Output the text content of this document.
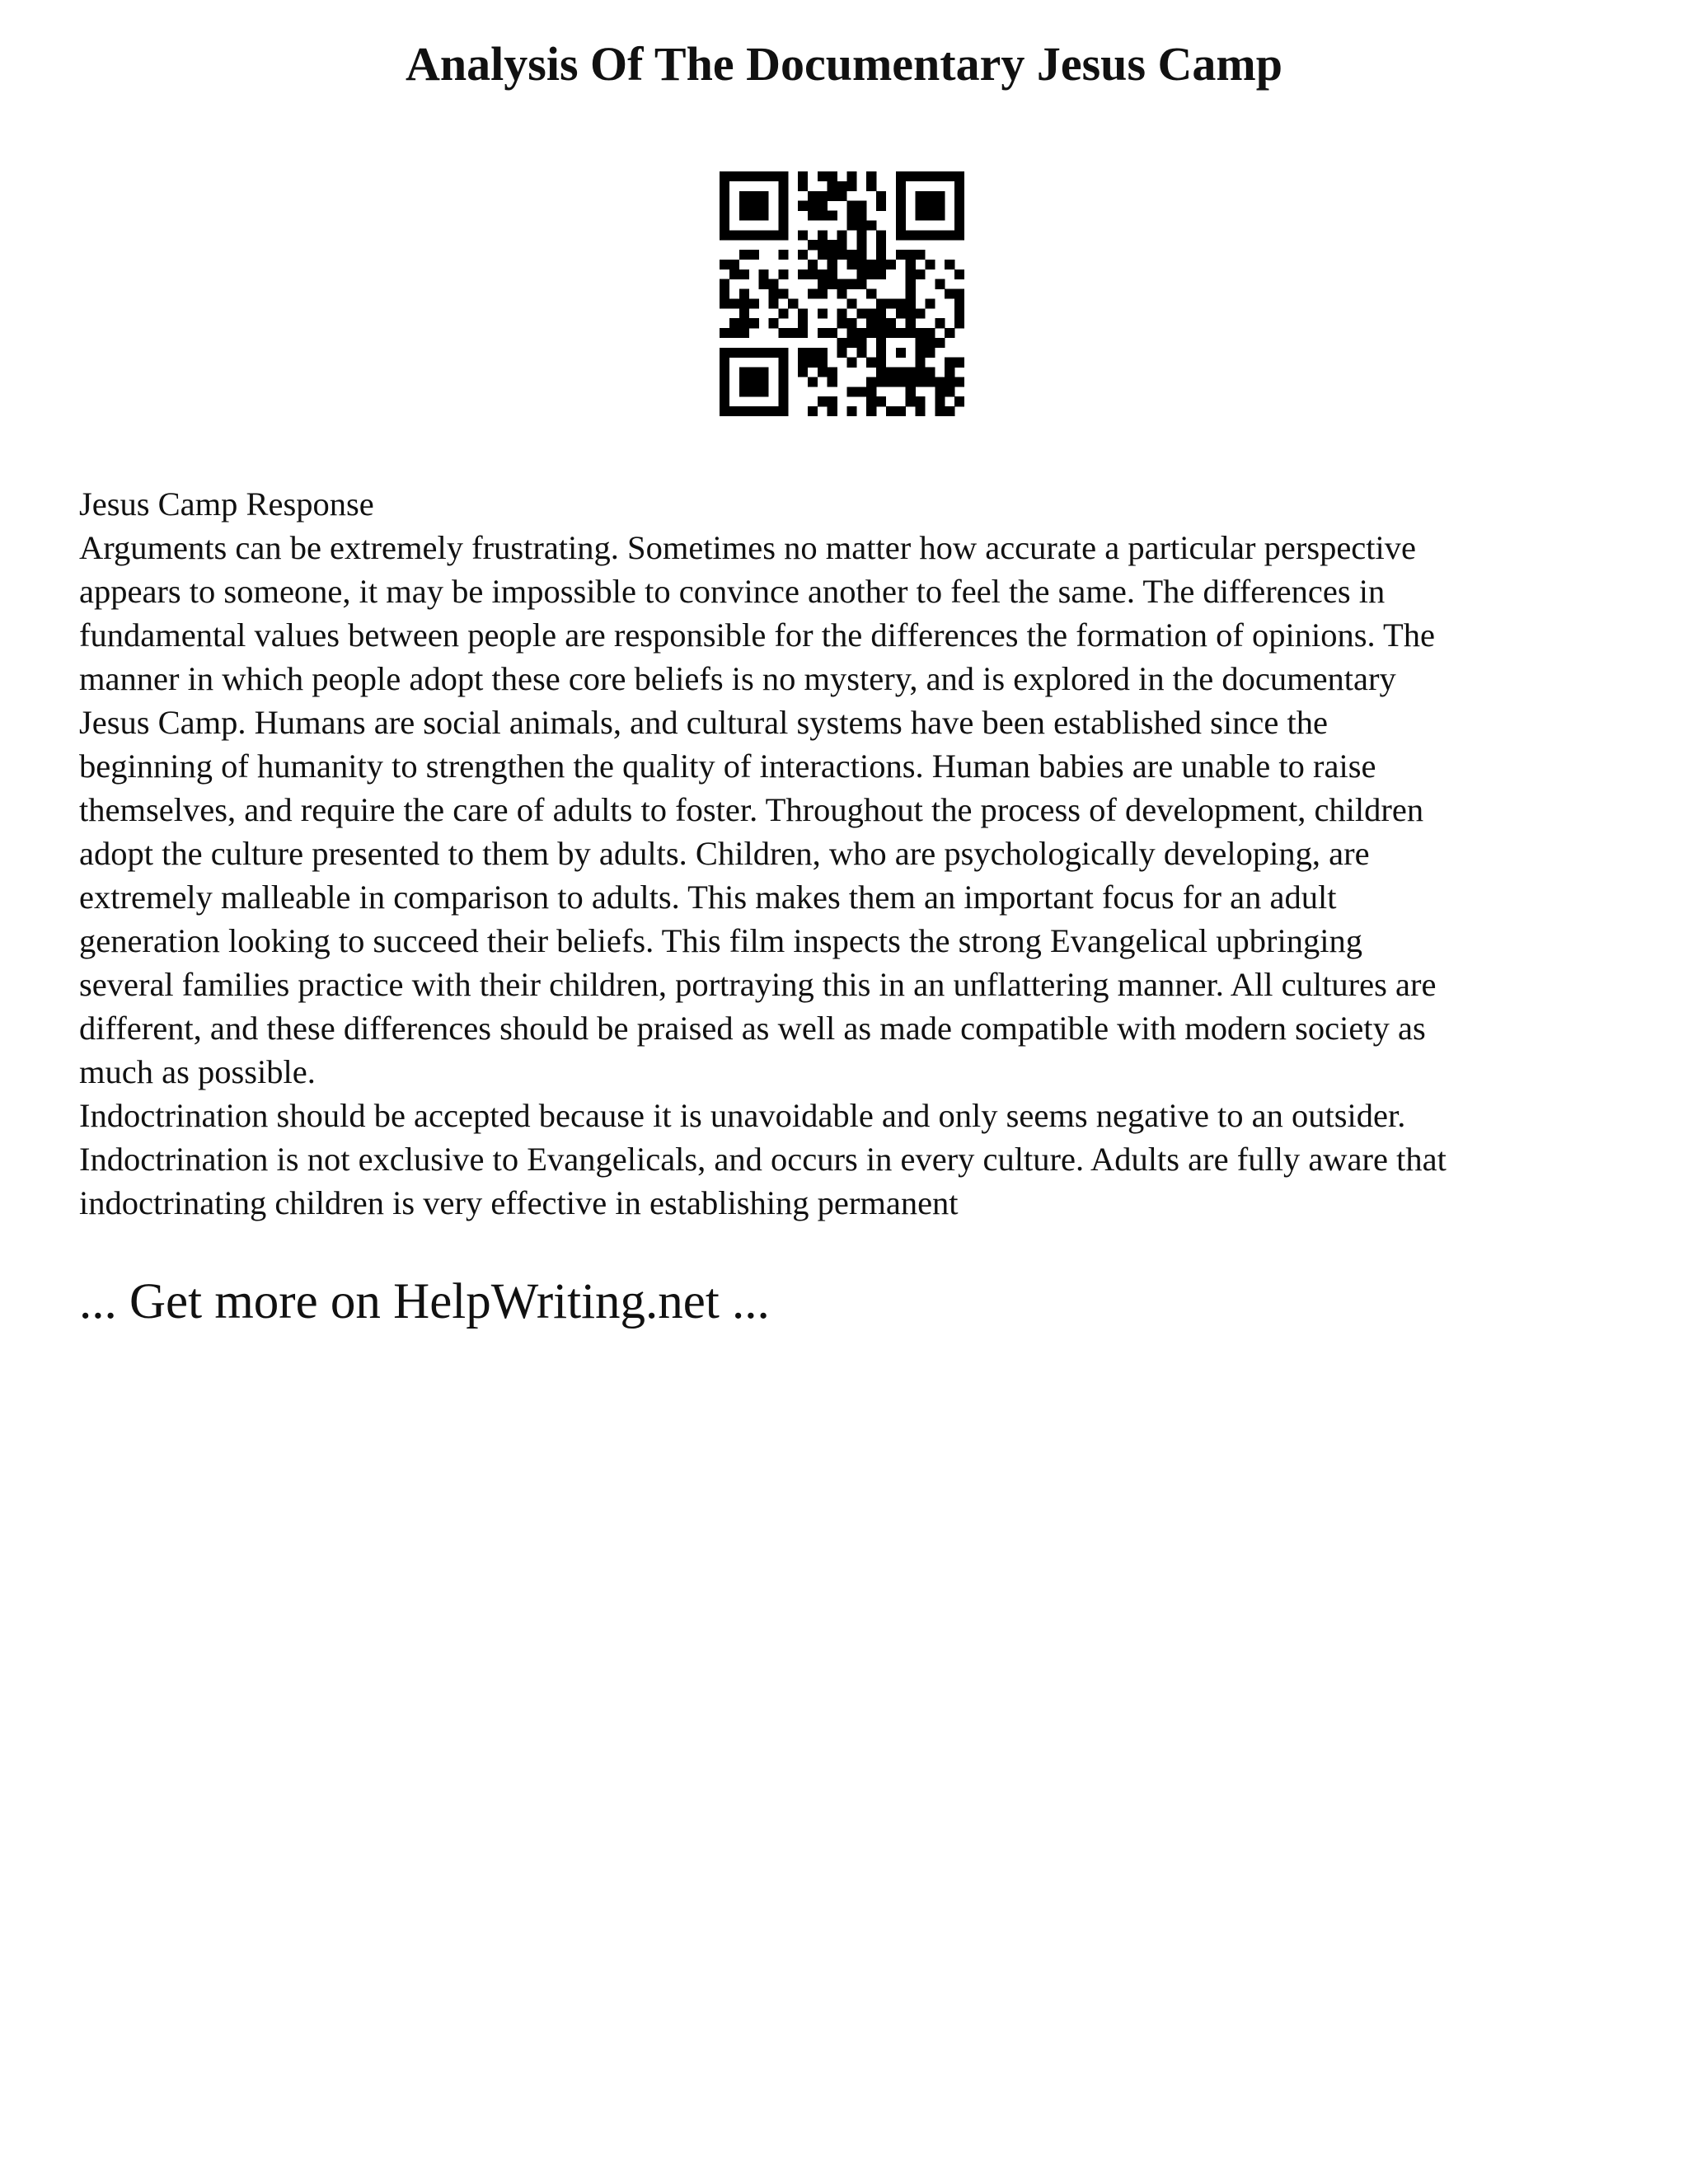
Analysis Of The Documentary Jesus Camp
Jesus Camp Response

Arguments can be extremely frustrating. Sometimes no matter how accurate a particular perspective
appears to someone, it may be impossible to convince another to feel the same. The differences in
fundamental values between people are responsible for the differences the formation of opinions. The
manner in which people adopt these core beliefs is no mystery, and is explored in the documentary
Jesus Camp. Humans are social animals, and cultural systems have been established since the
beginning of humanity to strengthen the quality of interactions. Human babies are unable to raise
themselves, and require the care of adults to foster. Throughout the process of development, children
adopt the culture presented to them by adults. Children, who are psychologically developing, are
extremely malleable in comparison to adults. This makes them an important focus for an adult
generation looking to succeed their beliefs. This film inspects the strong Evangelical upbringing
several families practice with their children, portraying this in an unflattering manner. All cultures are
different, and these differences should be praised as well as made compatible with modern society as
much as possible.

Indoctrination should be accepted because it is unavoidable and only seems negative to an outsider.
Indoctrination is not exclusive to Evangelicals, and occurs in every culture. Adults are fully aware that
indoctrinating children is very effective in establishing permanent

... Get more on HelpWriting.net ...
